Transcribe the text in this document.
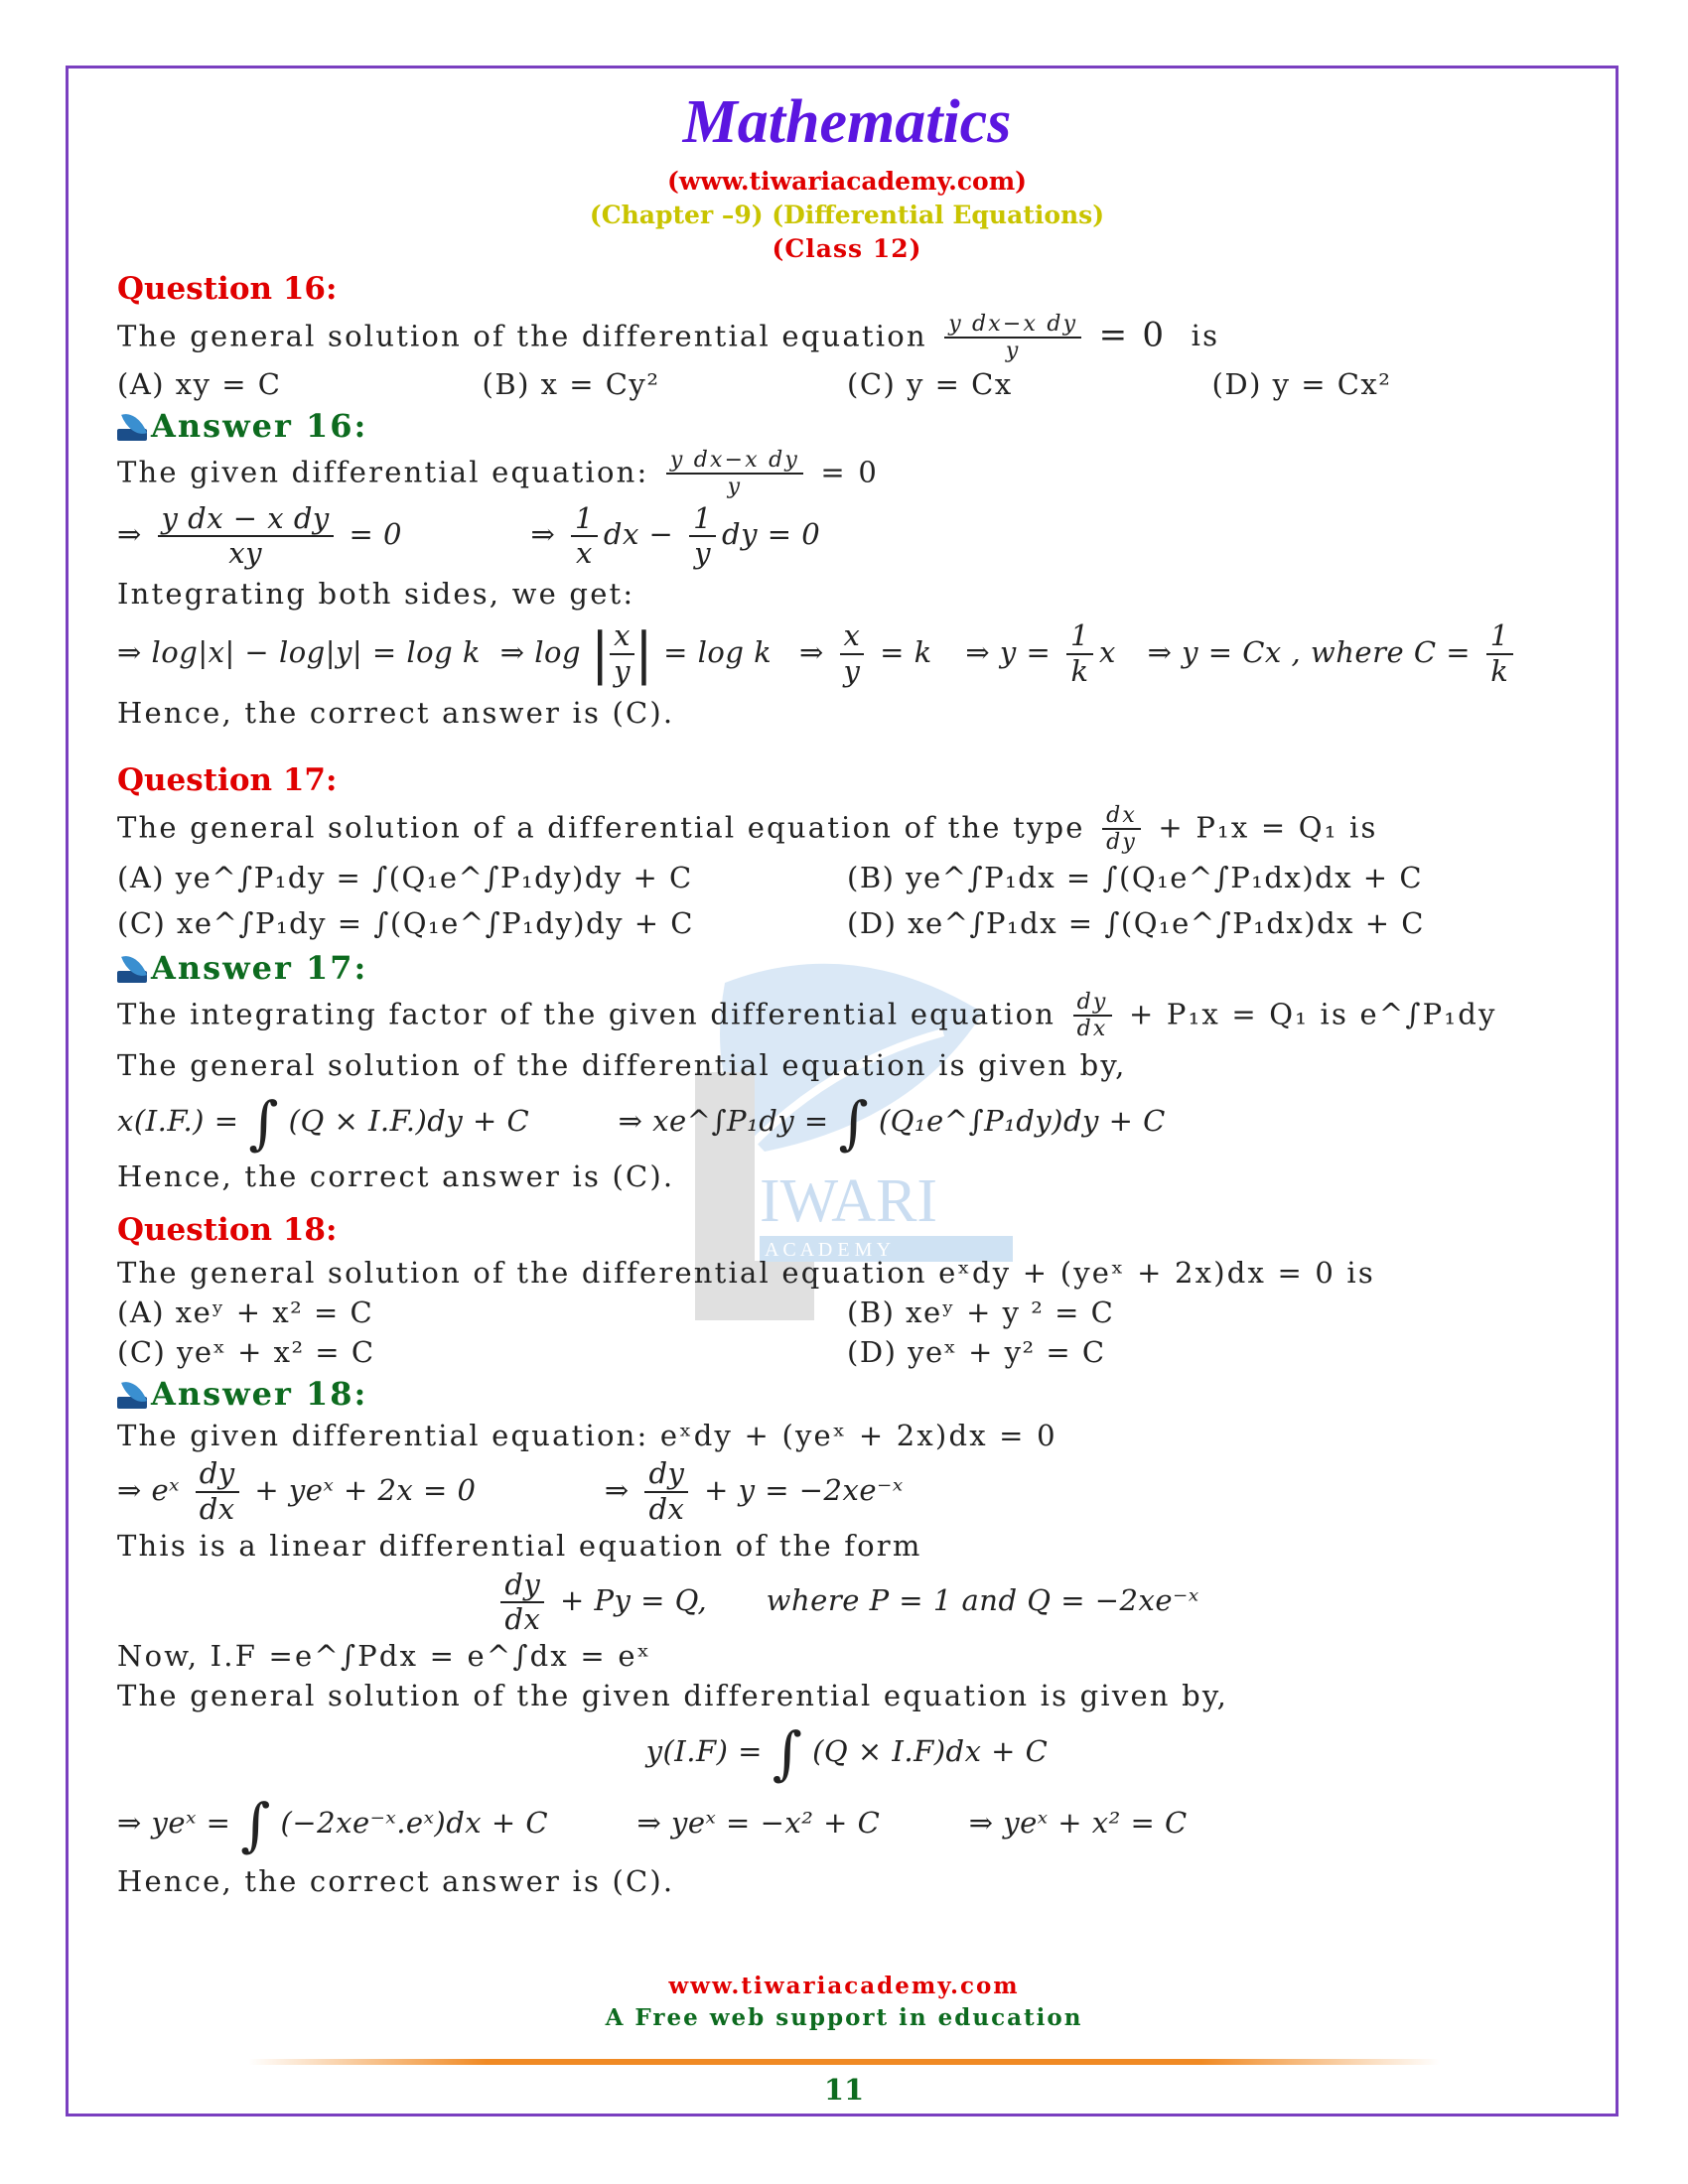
IWARI
A C A D E M Y

Mathematics

(www.tiwariacademy.com)

(Chapter –9) (Differential Equations)

(Class 12)

Question 16:

The general solution of the differential equation $\frac{\text{y dx−x dy}}{y} = 0$ is

(A) xy = C	(B) x = Cy²	(C) y = Cx	(D) y = Cx²

Answer 16:

The given differential equation: $\frac{\text{y dx−x dy}}{y} = 0$

⇒ $\frac{\text{y dx − x dy}}{xy} = 0$	⇒ $\frac{1}{x}$ dx − $\frac{1}{y}$ dy = 0

Integrating both sides, we get:

⇒ log|x| − log|y| = log k ⇒ log | $\frac{x}{y}$ | = log k ⇒ $\frac{x}{y} = k$ ⇒ $y = \frac{1}{k}$ x ⇒ y = Cx , where $C = \frac{1}{k}$

Hence, the correct answer is (C).

Question 17:

The general solution of a differential equation of the type $\frac{dx}{dy} + P_1x = Q_1$ is

(A) ye^∫P₁dy = ∫(Q₁e^∫P₁dy)dy + C	(B) ye^∫P₁dx = ∫(Q₁e^∫P₁dx)dx + C
(C) xe^∫P₁dy = ∫(Q₁e^∫P₁dy)dy + C	(D) xe^∫P₁dx = ∫(Q₁e^∫P₁dx)dx + C

Answer 17:

The integrating factor of the given differential equation $\frac{dy}{dx} + P_1x = Q_1$ is e^∫P₁dy

The general solution of the differential equation is given by,

x(I.F.) = ∫ (Q × I.F.)dy + C	⇒ xe^∫P₁dy = ∫ (Q₁e^∫P₁dy)dy + C

Hence, the correct answer is (C).

Question 18:

The general solution of the differential equation eˣdy + (yeˣ + 2x)dx = 0 is

(A) xeʸ + x² = C	(B) xeʸ + y ² = C
(C) yeˣ + x² = C	(D) yeˣ + y² = C

Answer 18:

The given differential equation: eˣdy + (yeˣ + 2x)dx = 0

⇒ eˣ $\frac{dy}{dx}$ + yeˣ + 2x = 0	⇒ $\frac{dy}{dx} + y$ = −2xe⁻ˣ

This is a linear differential equation of the form

$\frac{dy}{dx} + Py = Q$, where P = 1 and Q = −2xe⁻ˣ

Now, I.F =e^∫Pdx = e^∫dx = eˣ

The general solution of the given differential equation is given by,

y(I.F) = ∫ (Q × I.F)dx + C

⇒ yeˣ = ∫ (−2xe⁻ˣ.eˣ)dx + C	⇒ yeˣ = −x² + C	⇒ yeˣ + x² = C

Hence, the correct answer is (C).

www.tiwariacademy.com

A Free web support in education

11
